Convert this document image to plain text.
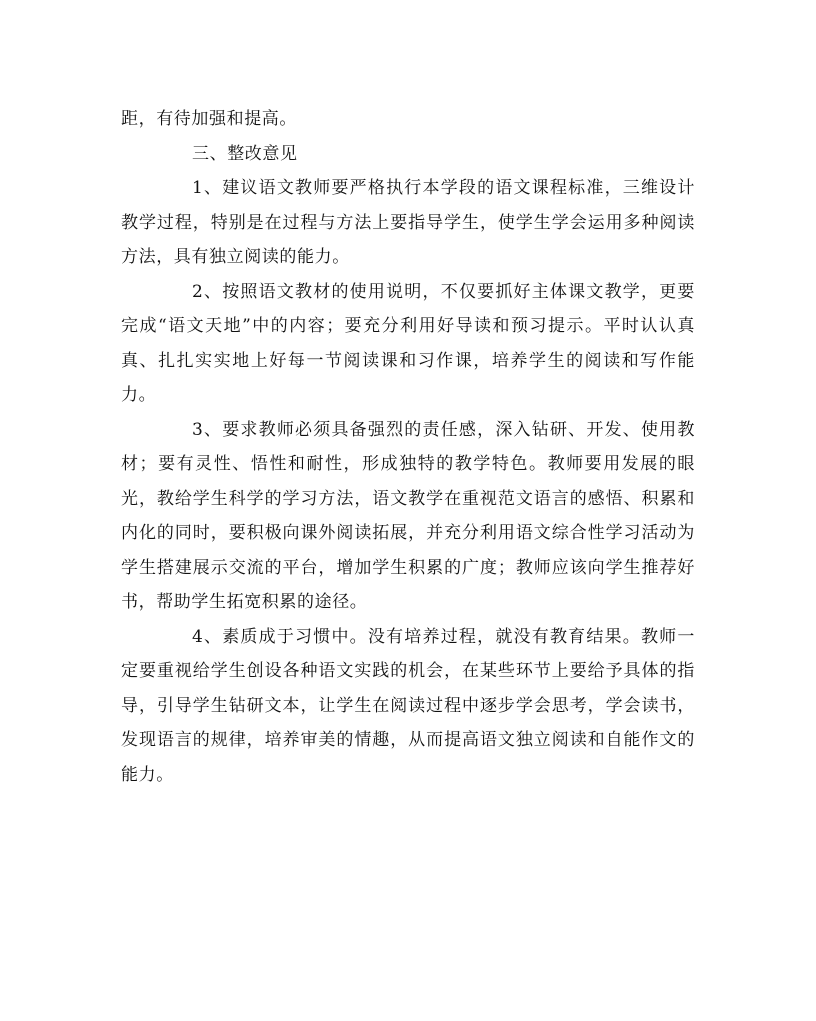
距，有待加强和提高。

三、整改意见

1、建议语文教师要严格执行本学段的语文课程标准，三维设计教学过程，特别是在过程与方法上要指导学生，使学生学会运用多种阅读方法，具有独立阅读的能力。

2、按照语文教材的使用说明，不仅要抓好主体课文教学，更要完成“语文天地”中的内容；要充分利用好导读和预习提示。平时认认真真、扎扎实实地上好每一节阅读课和习作课，培养学生的阅读和写作能力。

3、要求教师必须具备强烈的责任感，深入钻研、开发、使用教材；要有灵性、悟性和耐性，形成独特的教学特色。教师要用发展的眼光，教给学生科学的学习方法，语文教学在重视范文语言的感悟、积累和内化的同时，要积极向课外阅读拓展，并充分利用语文综合性学习活动为学生搭建展示交流的平台，增加学生积累的广度；教师应该向学生推荐好书，帮助学生拓宽积累的途径。

4、素质成于习惯中。没有培养过程，就没有教育结果。教师一定要重视给学生创设各种语文实践的机会，在某些环节上要给予具体的指导，引导学生钻研文本，让学生在阅读过程中逐步学会思考，学会读书，发现语言的规律，培养审美的情趣，从而提高语文独立阅读和自能作文的能力。
